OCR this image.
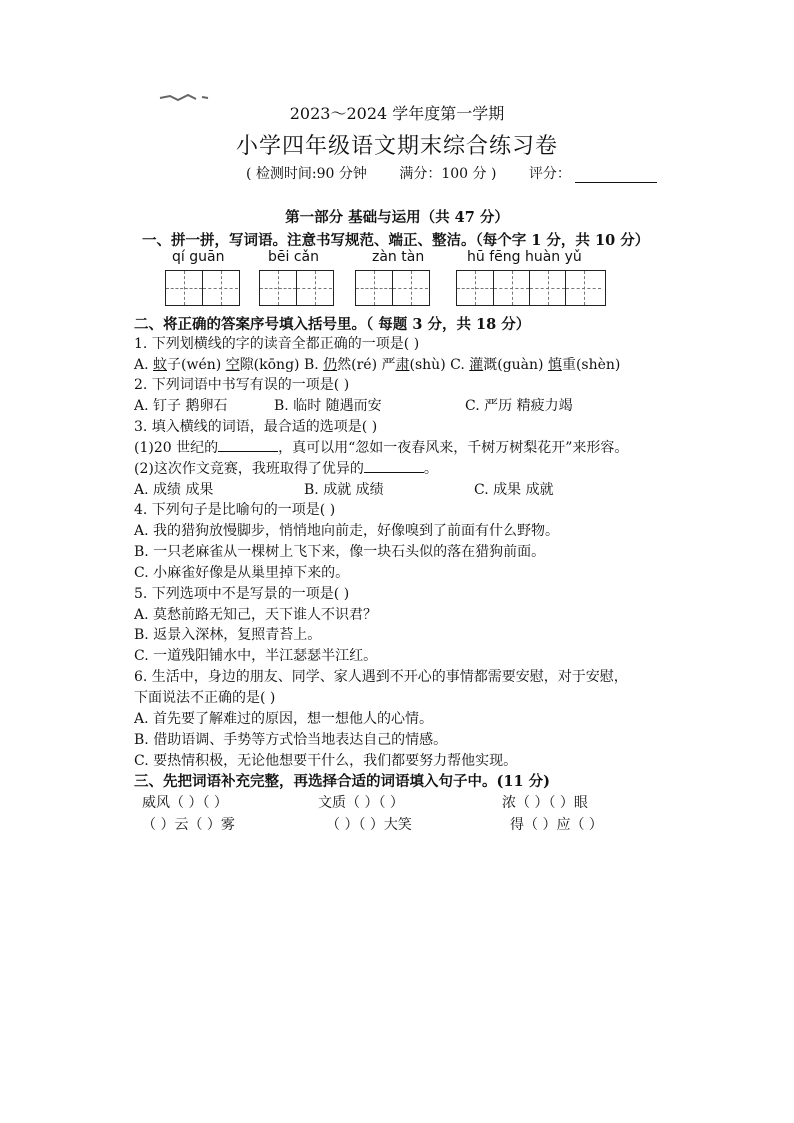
2023～2024 学年度第一学期
小学四年级语文期末综合练习卷
( 检测时间:90 分钟 满分：100 分 ) 评分：
第一部分 基础与运用（共 47 分）
一、拼一拼，写词语。注意书写规范、端正、整洁。（每个字 1 分，共 10 分）
qí guān	bēi cǎn	zàn tàn	hū fēng huàn yǔ
二、将正确的答案序号填入括号里。（ 每题 3 分，共 18 分）
1. 下列划横线的字的读音全都正确的一项是( )
A. 蚊子(wén) 空隙(kōng) B. 仍然(ré) 严肃(shù) C. 灌溉(guàn) 慎重(shèn)
2. 下列词语中书写有误的一项是( )
A. 钉子 鹅卵石	B. 临时 随遇而安	C. 严历 精疲力竭
3. 填入横线的词语，最合适的选项是( )
(1)20 世纪的	，真可以用“忽如一夜春风来，千树万树梨花开”来形容。
(2)这次作文竞赛，我班取得了优异的	。
A. 成绩 成果	B. 成就 成绩	C. 成果 成就
4. 下列句子是比喻句的一项是( )
A. 我的猎狗放慢脚步，悄悄地向前走，好像嗅到了前面有什么野物。
B. 一只老麻雀从一棵树上飞下来，像一块石头似的落在猎狗前面。
C. 小麻雀好像是从巢里掉下来的。
5. 下列选项中不是写景的一项是( )
A. 莫愁前路无知己，天下谁人不识君？
B. 返景入深林，复照青苔上。
C. 一道残阳铺水中，半江瑟瑟半江红。
6. 生活中，身边的朋友、同学、家人遇到不开心的事情都需要安慰，对于安慰，
下面说法不正确的是( )
A. 首先要了解难过的原因，想一想他人的心情。
B. 借助语调、手势等方式恰当地表达自己的情感。
C. 要热情积极，无论他想要干什么，我们都要努力帮他实现。
三、先把词语补充完整，再选择合适的词语填入句子中。(11 分)
威风（ ）（ ）	文质（ ）（ ）	浓（ ）（ ）眼
（ ）云（ ）雾	（ ）（ ）大笑	得（ ）应（ ）
